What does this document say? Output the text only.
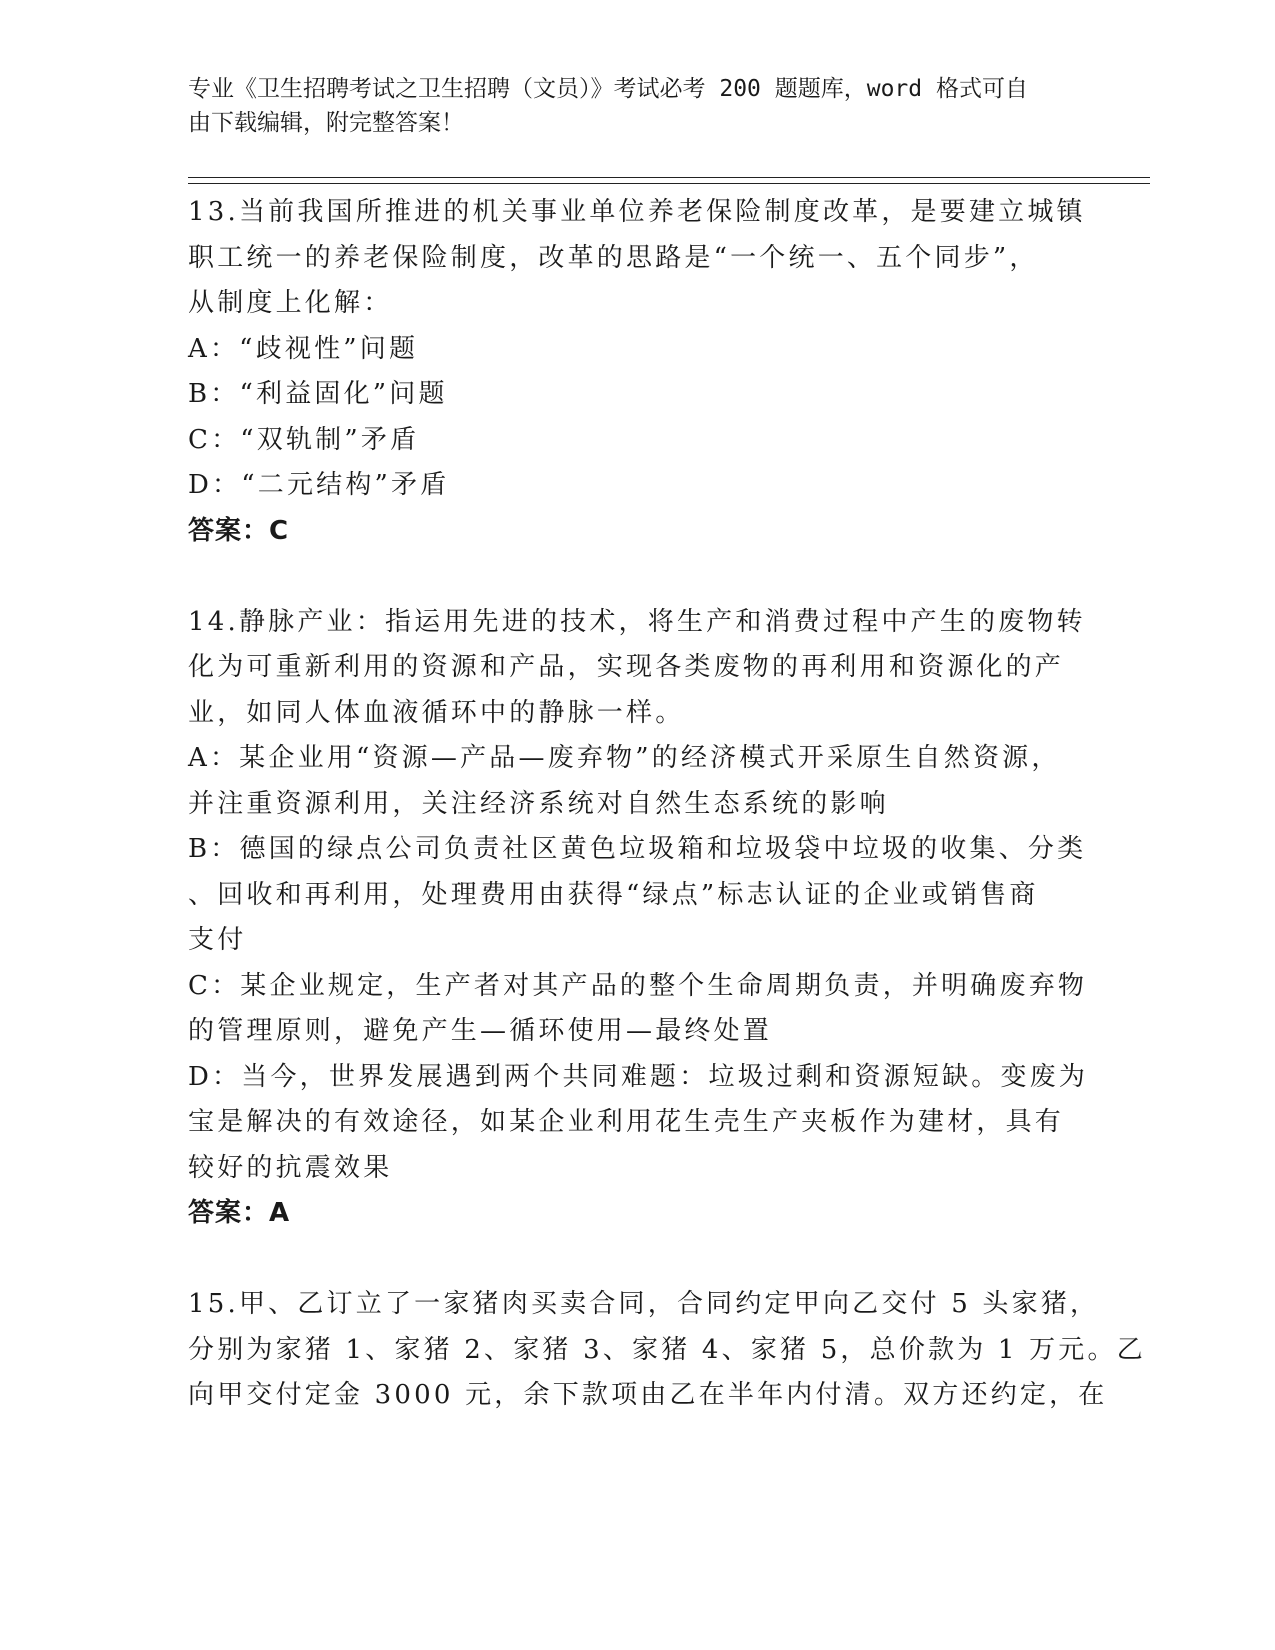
专业《卫生招聘考试之卫生招聘（文员）》考试必考 200 题题库，word 格式可自
由下载编辑，附完整答案！
13.当前我国所推进的机关事业单位养老保险制度改革，是要建立城镇
职工统一的养老保险制度，改革的思路是“一个统一、五个同步”，
从制度上化解：
A：“歧视性”问题
B：“利益固化”问题
C：“双轨制”矛盾
D：“二元结构”矛盾
答案：C
14.静脉产业：指运用先进的技术，将生产和消费过程中产生的废物转
化为可重新利用的资源和产品，实现各类废物的再利用和资源化的产
业，如同人体血液循环中的静脉一样。
A：某企业用“资源—产品—废弃物”的经济模式开采原生自然资源，
并注重资源利用，关注经济系统对自然生态系统的影响
B：德国的绿点公司负责社区黄色垃圾箱和垃圾袋中垃圾的收集、分类
、回收和再利用，处理费用由获得“绿点”标志认证的企业或销售商
支付
C：某企业规定，生产者对其产品的整个生命周期负责，并明确废弃物
的管理原则，避免产生—循环使用—最终处置
D：当今，世界发展遇到两个共同难题：垃圾过剩和资源短缺。变废为
宝是解决的有效途径，如某企业利用花生壳生产夹板作为建材，具有
较好的抗震效果
答案：A
15.甲、乙订立了一家猪肉买卖合同，合同约定甲向乙交付 5 头家猪，
分别为家猪 1、家猪 2、家猪 3、家猪 4、家猪 5，总价款为 1 万元。乙
向甲交付定金 3000 元，余下款项由乙在半年内付清。双方还约定，在
